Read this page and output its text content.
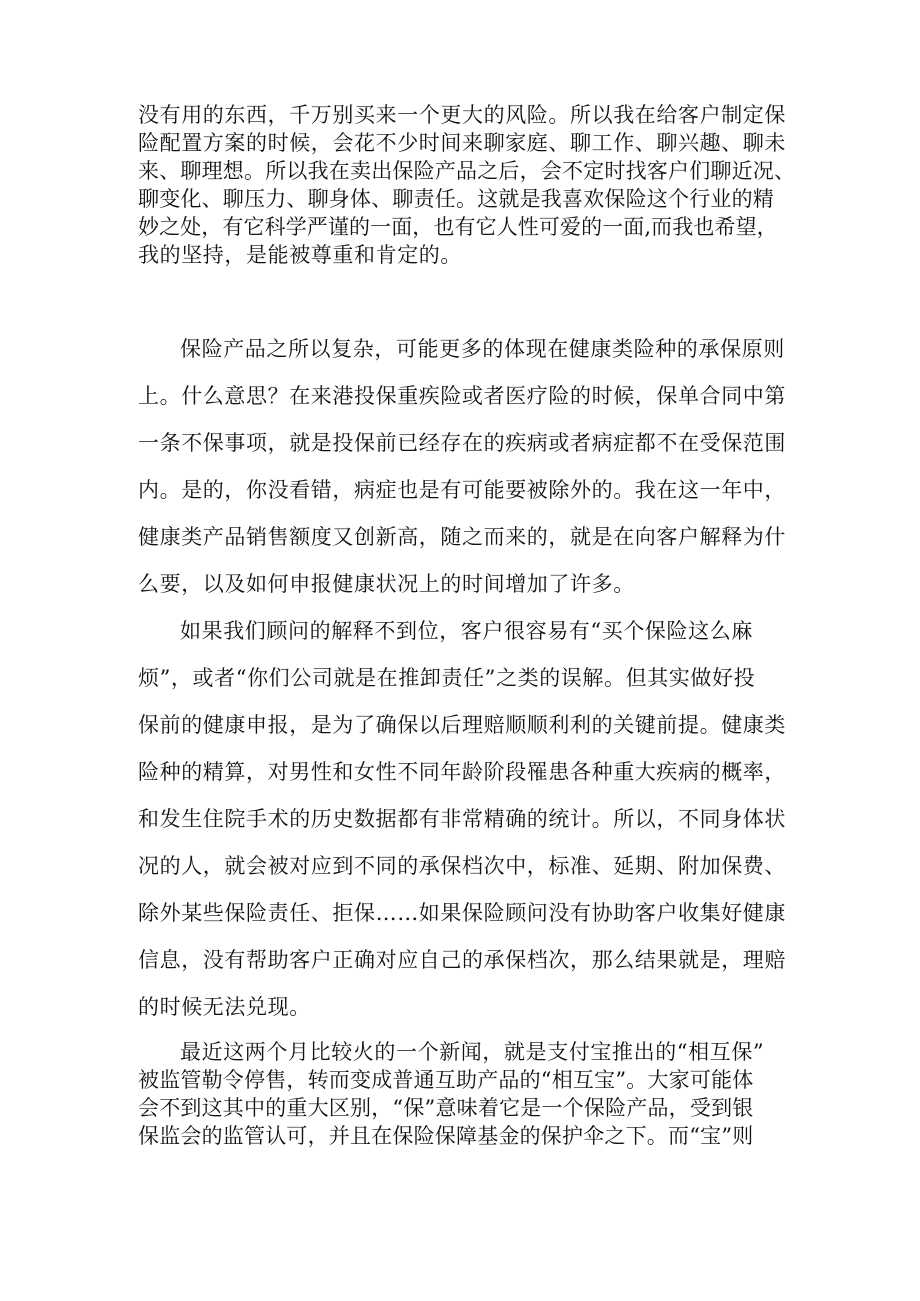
没有用的东西，千万别买来一个更大的风险。所以我在给客户制定保
险配置方案的时候，会花不少时间来聊家庭、聊工作、聊兴趣、聊未
来、聊理想。所以我在卖出保险产品之后，会不定时找客户们聊近况、
聊变化、聊压力、聊身体、聊责任。这就是我喜欢保险这个行业的精
妙之处，有它科学严谨的一面，也有它人性可爱的一面,而我也希望，
我的坚持，是能被尊重和肯定的。
保险产品之所以复杂，可能更多的体现在健康类险种的承保原则
上。什么意思？在来港投保重疾险或者医疗险的时候，保单合同中第
一条不保事项，就是投保前已经存在的疾病或者病症都不在受保范围
内。是的，你没看错，病症也是有可能要被除外的。我在这一年中，
健康类产品销售额度又创新高，随之而来的，就是在向客户解释为什
么要，以及如何申报健康状况上的时间增加了许多。
如果我们顾问的解释不到位，客户很容易有“买个保险这么麻
烦”，或者“你们公司就是在推卸责任”之类的误解。但其实做好投
保前的健康申报，是为了确保以后理赔顺顺利利的关键前提。健康类
险种的精算，对男性和女性不同年龄阶段罹患各种重大疾病的概率，
和发生住院手术的历史数据都有非常精确的统计。所以，不同身体状
况的人，就会被对应到不同的承保档次中，标准、延期、附加保费、
除外某些保险责任、拒保……如果保险顾问没有协助客户收集好健康
信息，没有帮助客户正确对应自己的承保档次，那么结果就是，理赔
的时候无法兑现。
最近这两个月比较火的一个新闻，就是支付宝推出的“相互保”
被监管勒令停售，转而变成普通互助产品的“相互宝”。大家可能体
会不到这其中的重大区别，“保”意味着它是一个保险产品，受到银
保监会的监管认可，并且在保险保障基金的保护伞之下。而“宝”则
